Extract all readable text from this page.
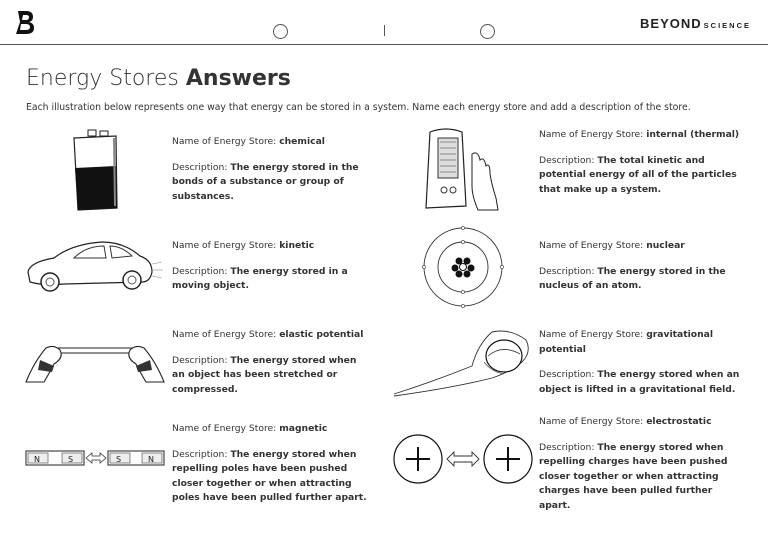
BEYOND SCIENCE
Energy Stores Answers
Each illustration below represents one way that energy can be stored in a system. Name each energy store and add a description of the store.
N	S	S	N

Name of Energy Store: chemical

Description: The energy stored in the bonds of a substance or group of substances.

Name of Energy Store: kinetic

Description: The energy stored in a moving object.

Name of Energy Store: elastic potential

Description: The energy stored when an object has been stretched or compressed.

Name of Energy Store: magnetic

Description: The energy stored when repelling poles have been pushed closer together or when attracting poles have been pulled further apart.

Name of Energy Store: internal (thermal)

Description: The total kinetic and potential energy of all of the particles that make up a system.

Name of Energy Store: nuclear

Description: The energy stored in the nucleus of an atom.

Name of Energy Store: gravitational potential

Description: The energy stored when an object is lifted in a gravitational field.

Name of Energy Store: electrostatic

Description: The energy stored when repelling charges have been pushed closer together or when attracting charges have been pulled further apart.
